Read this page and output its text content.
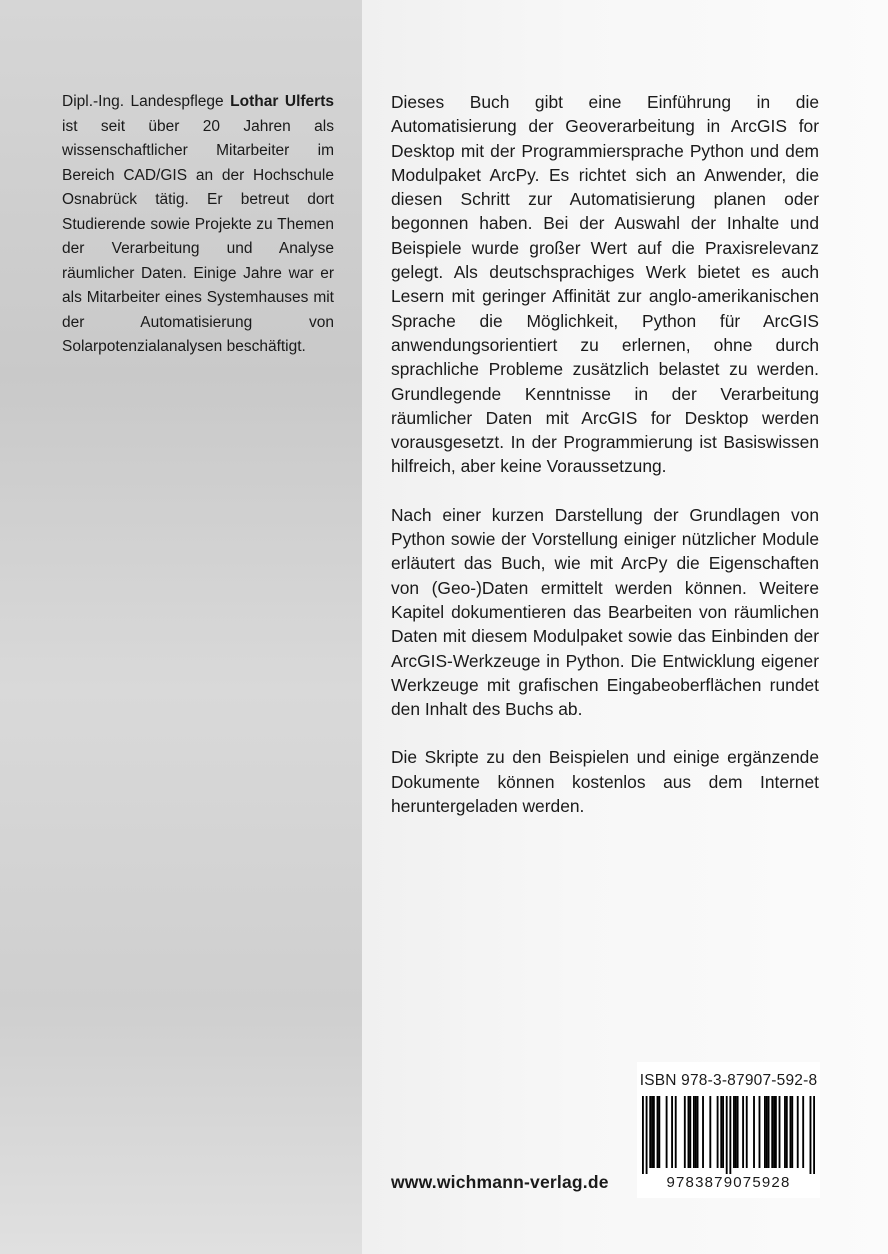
Dipl.-Ing. Landespflege Lothar Ulferts ist seit über 20 Jahren als wissenschaftlicher Mitarbeiter im Bereich CAD/GIS an der Hochschule Osnabrück tätig. Er betreut dort Studierende sowie Projekte zu Themen der Verarbeitung und Analyse räumlicher Daten. Einige Jahre war er als Mitarbeiter eines Systemhauses mit der Automatisierung von Solarpotenzialanalysen beschäftigt.

Dieses Buch gibt eine Einführung in die Automatisierung der Geoverarbeitung in ArcGIS for Desktop mit der Programmiersprache Python und dem Modulpaket ArcPy. Es richtet sich an Anwender, die diesen Schritt zur Automatisierung planen oder begonnen haben. Bei der Auswahl der Inhalte und Beispiele wurde großer Wert auf die Praxisrelevanz gelegt. Als deutschsprachiges Werk bietet es auch Lesern mit geringer Affinität zur anglo-amerikanischen Sprache die Möglichkeit, Python für ArcGIS anwendungsorientiert zu erlernen, ohne durch sprachliche Probleme zusätzlich belastet zu werden. Grundlegende Kenntnisse in der Verarbeitung räumlicher Daten mit ArcGIS for Desktop werden vorausgesetzt. In der Programmierung ist Basiswissen hilfreich, aber keine Voraussetzung.

Nach einer kurzen Darstellung der Grundlagen von Python sowie der Vorstellung einiger nützlicher Module erläutert das Buch, wie mit ArcPy die Eigenschaften von (Geo-)Daten ermittelt werden können. Weitere Kapitel dokumentieren das Bearbeiten von räumlichen Daten mit diesem Modulpaket sowie das Einbinden der ArcGIS-Werkzeuge in Python. Die Entwicklung eigener Werkzeuge mit grafischen Eingabeoberflächen rundet den Inhalt des Buchs ab.

Die Skripte zu den Beispielen und einige ergänzende Dokumente können kostenlos aus dem Internet heruntergeladen werden.

ISBN 978-3-87907-592-8
9783879075928
www.wichmann-verlag.de
